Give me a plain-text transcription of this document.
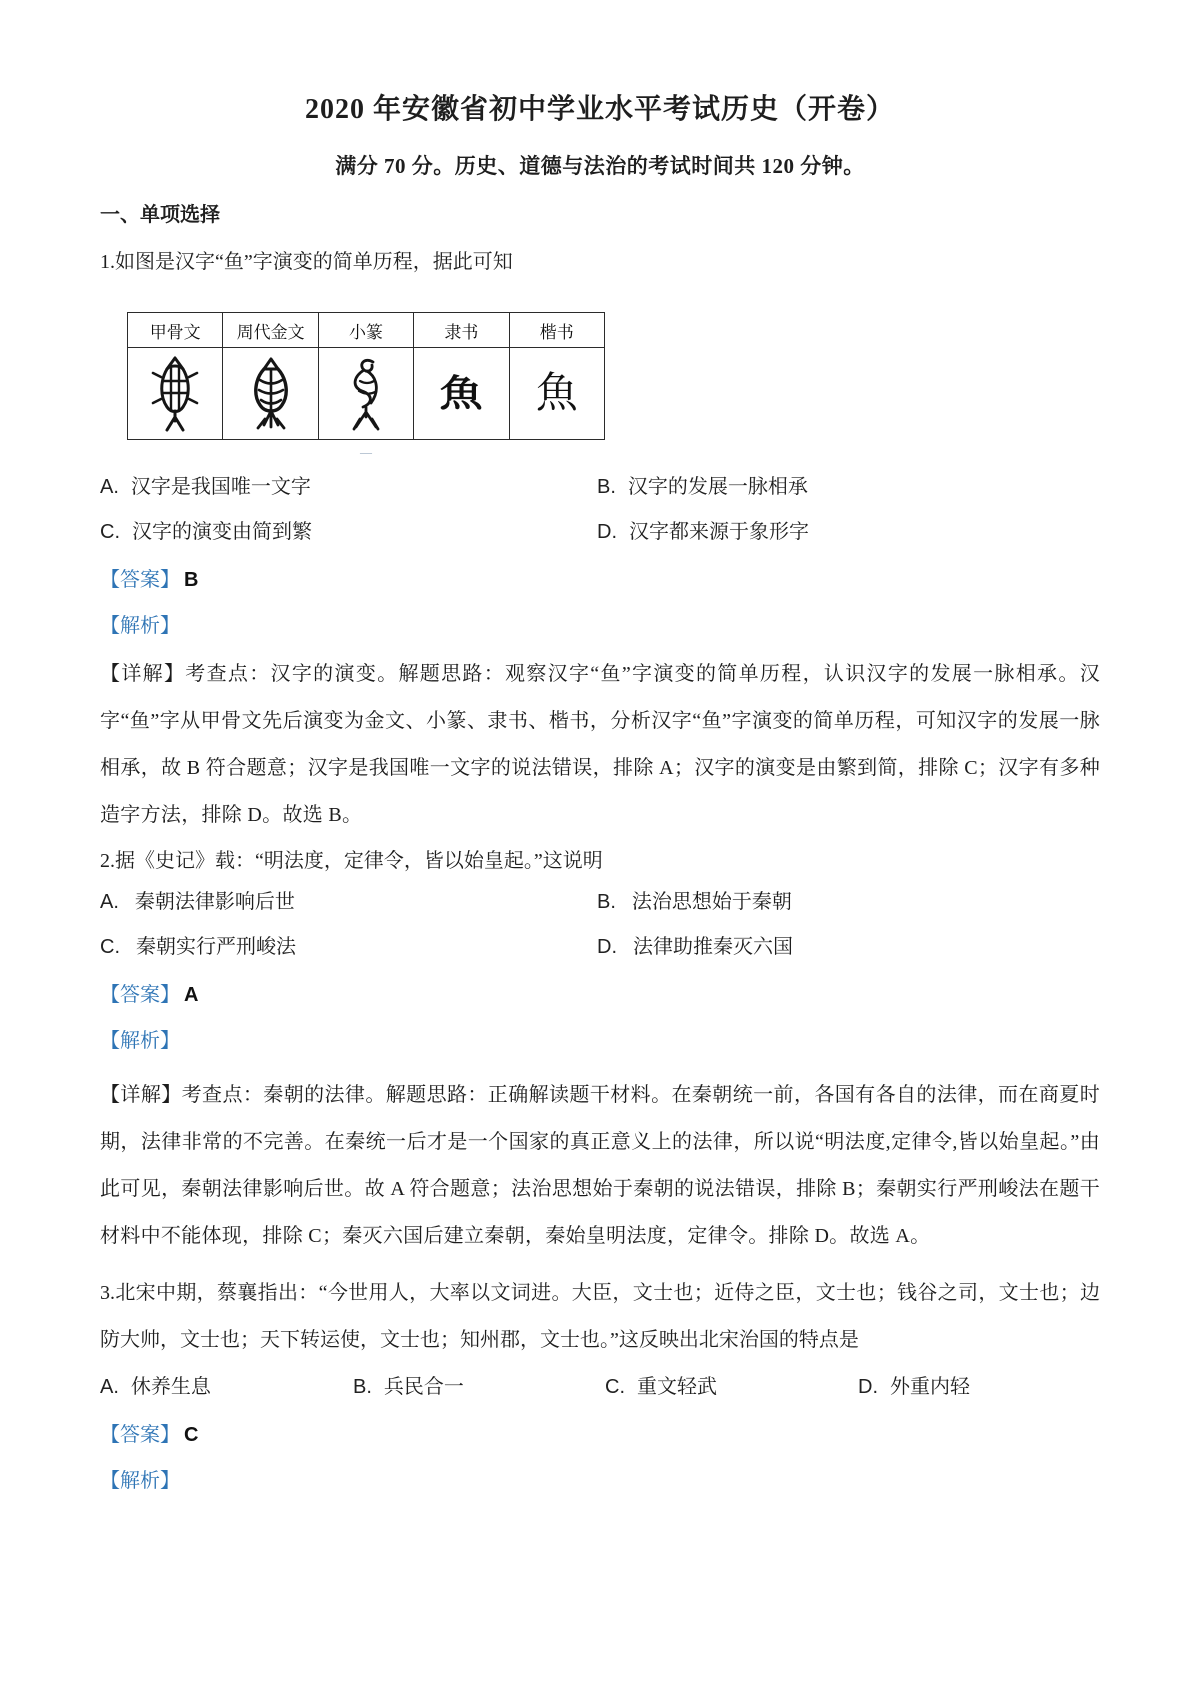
2020 年安徽省初中学业水平考试历史（开卷）
满分 70 分。历史、道德与法治的考试时间共 120 分钟。
一、单项选择
1.如图是汉字“鱼”字演变的简单历程，据此可知
甲骨文	周代金文	小篆	隶书	楷书
			魚	魚
—
A. 汉字是我国唯一文字	B. 汉字的发展一脉相承
C. 汉字的演变由简到繁	D. 汉字都来源于象形字
【答案】 B
【解析】

【详解】考查点：汉字的演变。解题思路：观察汉字“鱼”字演变的简单历程，认识汉字的发展一脉相承。汉字“鱼”字从甲骨文先后演变为金文、小篆、隶书、楷书，分析汉字“鱼”字演变的简单历程，可知汉字的发展一脉相承，故 B 符合题意；汉字是我国唯一文字的说法错误，排除 A；汉字的演变是由繁到简，排除 C；汉字有多种造字方法，排除 D。故选 B。

2.据《史记》载：“明法度，定律令，皆以始皇起。”这说明
A. 秦朝法律影响后世	B. 法治思想始于秦朝
C. 秦朝实行严刑峻法	D. 法律助推秦灭六国
【答案】 A
【解析】

【详解】考查点：秦朝的法律。解题思路：正确解读题干材料。在秦朝统一前，各国有各自的法律，而在商夏时期，法律非常的不完善。在秦统一后才是一个国家的真正意义上的法律，所以说“明法度,定律令,皆以始皇起。”由此可见，秦朝法律影响后世。故 A 符合题意；法治思想始于秦朝的说法错误，排除 B；秦朝实行严刑峻法在题干材料中不能体现，排除 C；秦灭六国后建立秦朝，秦始皇明法度，定律令。排除 D。故选 A。

3.北宋中期，蔡襄指出：“今世用人，大率以文词进。大臣，文士也；近侍之臣，文士也；钱谷之司，文士也；边防大帅，文士也；天下转运使，文士也；知州郡，文士也。”这反映出北宋治国的特点是
A. 休养生息	B. 兵民合一	C. 重文轻武	D. 外重内轻
【答案】 C
【解析】
